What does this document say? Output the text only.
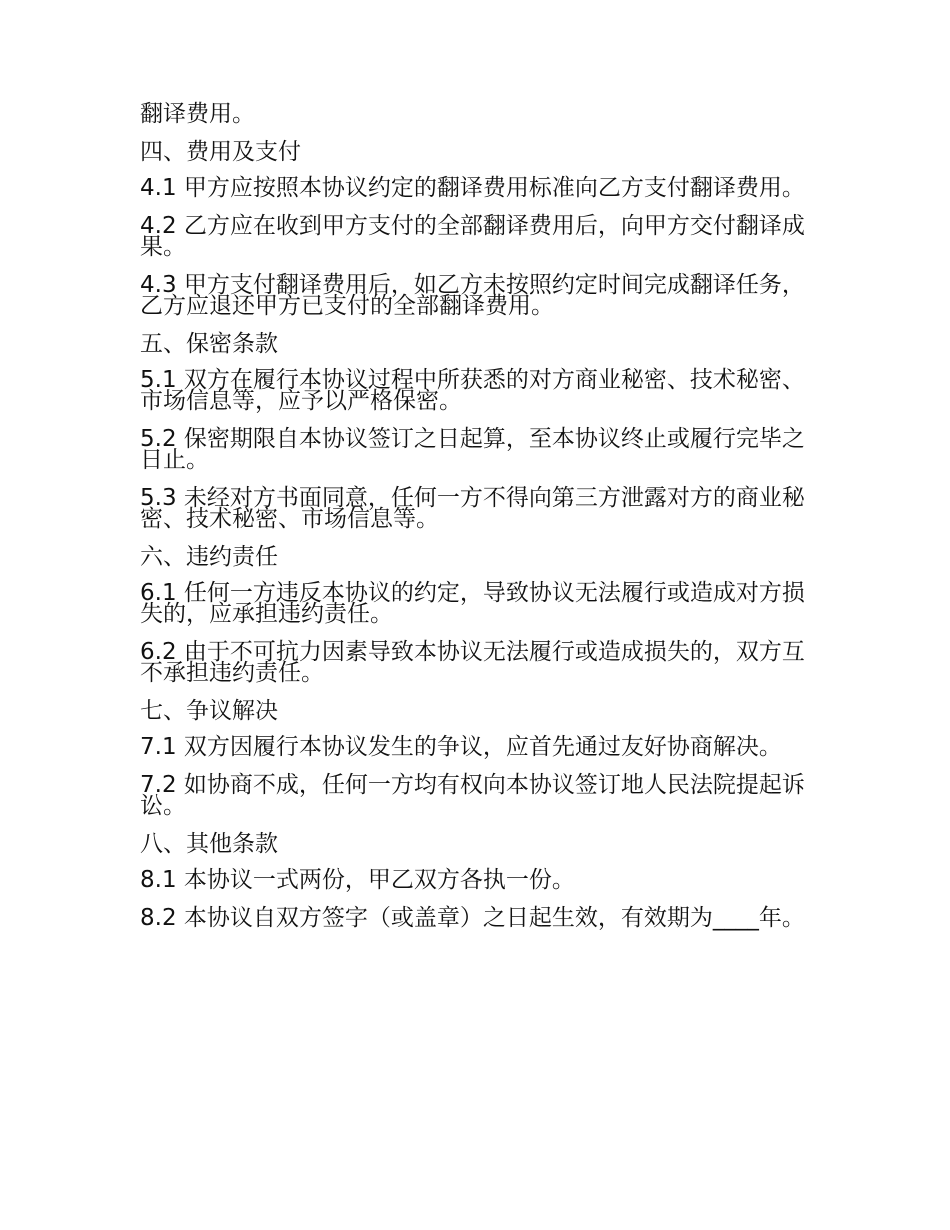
翻译费用。

四、费用及支付

4.1 甲方应按照本协议约定的翻译费用标准向乙方支付翻译费用。

4.2 乙方应在收到甲方支付的全部翻译费用后，向甲方交付翻译成果。

4.3 甲方支付翻译费用后，如乙方未按照约定时间完成翻译任务，乙方应退还甲方已支付的全部翻译费用。

五、保密条款

5.1 双方在履行本协议过程中所获悉的对方商业秘密、技术秘密、市场信息等，应予以严格保密。

5.2 保密期限自本协议签订之日起算，至本协议终止或履行完毕之日止。

5.3 未经对方书面同意，任何一方不得向第三方泄露对方的商业秘密、技术秘密、市场信息等。

六、违约责任

6.1 任何一方违反本协议的约定，导致协议无法履行或造成对方损失的，应承担违约责任。

6.2 由于不可抗力因素导致本协议无法履行或造成损失的，双方互不承担违约责任。

七、争议解决

7.1 双方因履行本协议发生的争议，应首先通过友好协商解决。

7.2 如协商不成，任何一方均有权向本协议签订地人民法院提起诉讼。

八、其他条款

8.1 本协议一式两份，甲乙双方各执一份。

8.2 本协议自双方签字（或盖章）之日起生效，有效期为____年。
